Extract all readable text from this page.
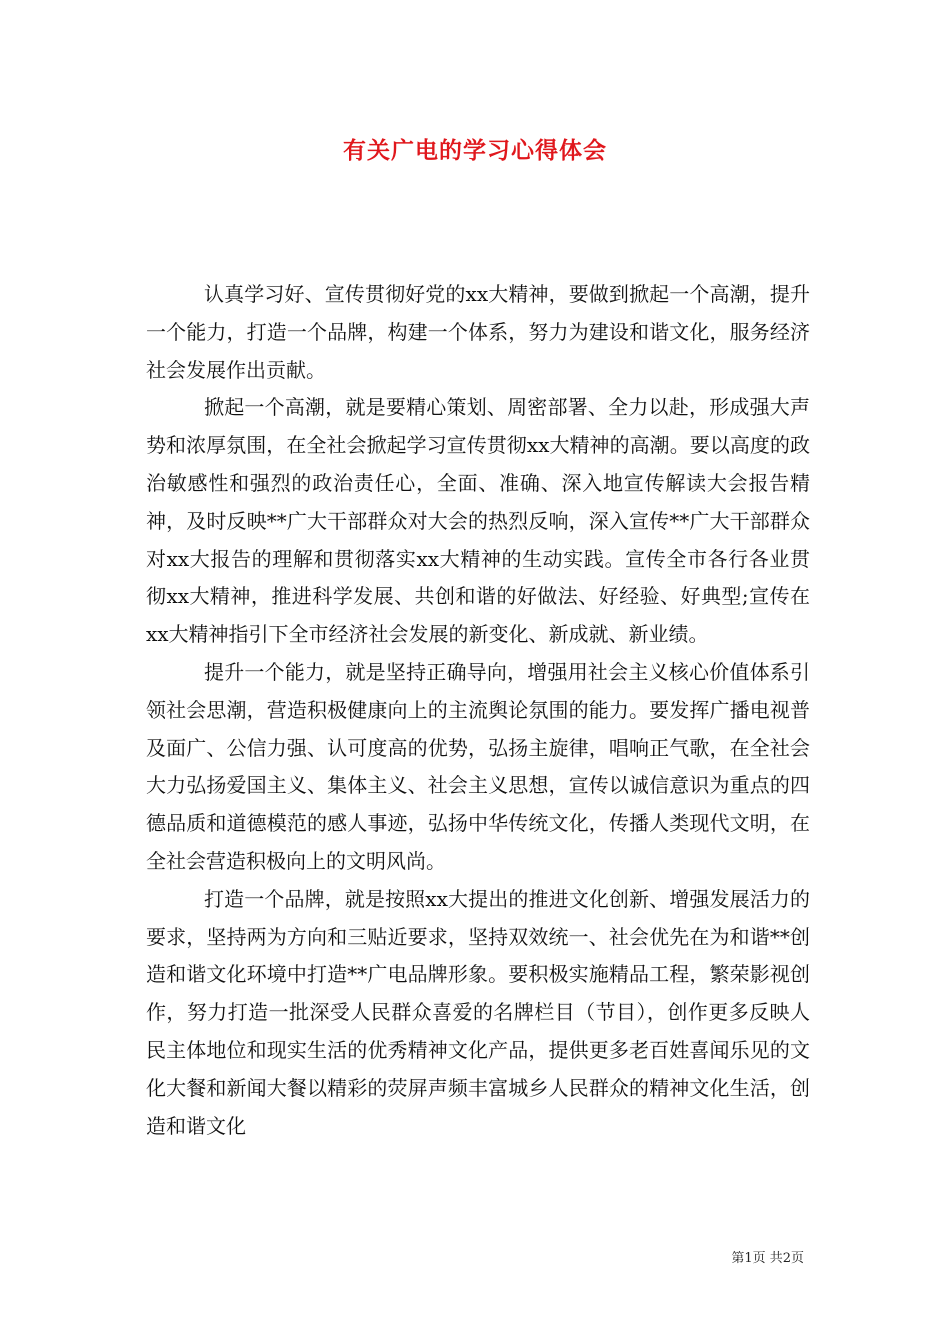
有关广电的学习心得体会

认真学习好、宣传贯彻好党的xx大精神，要做到掀起一个高潮，提升一个能力，打造一个品牌，构建一个体系，努力为建设和谐文化，服务经济社会发展作出贡献。

掀起一个高潮，就是要精心策划、周密部署、全力以赴，形成强大声势和浓厚氛围，在全社会掀起学习宣传贯彻xx大精神的高潮。要以高度的政治敏感性和强烈的政治责任心，全面、准确、深入地宣传解读大会报告精神，及时反映**广大干部群众对大会的热烈反响，深入宣传**广大干部群众对xx大报告的理解和贯彻落实xx大精神的生动实践。宣传全市各行各业贯彻xx大精神，推进科学发展、共创和谐的好做法、好经验、好典型;宣传在xx大精神指引下全市经济社会发展的新变化、新成就、新业绩。

提升一个能力，就是坚持正确导向，增强用社会主义核心价值体系引领社会思潮，营造积极健康向上的主流舆论氛围的能力。要发挥广播电视普及面广、公信力强、认可度高的优势，弘扬主旋律，唱响正气歌，在全社会大力弘扬爱国主义、集体主义、社会主义思想，宣传以诚信意识为重点的四德品质和道德模范的感人事迹，弘扬中华传统文化，传播人类现代文明，在全社会营造积极向上的文明风尚。

打造一个品牌，就是按照xx大提出的推进文化创新、增强发展活力的要求，坚持两为方向和三贴近要求，坚持双效统一、社会优先在为和谐**创造和谐文化环境中打造**广电品牌形象。要积极实施精品工程，繁荣影视创作，努力打造一批深受人民群众喜爱的名牌栏目（节目），创作更多反映人民主体地位和现实生活的优秀精神文化产品，提供更多老百姓喜闻乐见的文化大餐和新闻大餐以精彩的荧屏声频丰富城乡人民群众的精神文化生活，创造和谐文化

第1页 共2页
